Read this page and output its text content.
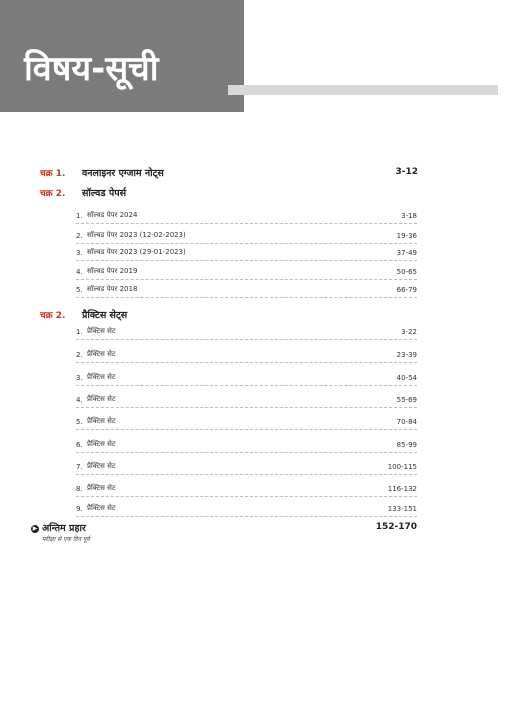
विषय-सूची
चक्र 1.	वनलाइनर एग्जाम नोट्स	3-12
चक्र 2.	सॉल्वड पेपर्स
1. सॉल्वड पेपर 2024	3-18
2. सॉल्वड पेपर 2023 (12-02-2023)	19-36
3. सॉल्वड पेपर 2023 (29-01-2023)	37-49
4. सॉल्वड पेपर 2019	50-65
5. सॉल्वड पेपर 2018	66-79
चक्र 2.	प्रैक्टिस सेट्स
1. प्रैक्टिस सेट	3-22
2. प्रैक्टिस सेट	23-39
3. प्रैक्टिस सेट	40-54
4. प्रैक्टिस सेट	55-69
5. प्रैक्टिस सेट	70-84
6. प्रैक्टिस सेट	85-99
7. प्रैक्टिस सेट	100-115
8. प्रैक्टिस सेट	116-132
9. प्रैक्टिस सेट	133-151
▶ अन्तिम प्रहार	152-170
परीक्षा से एक दिन पूर्व
